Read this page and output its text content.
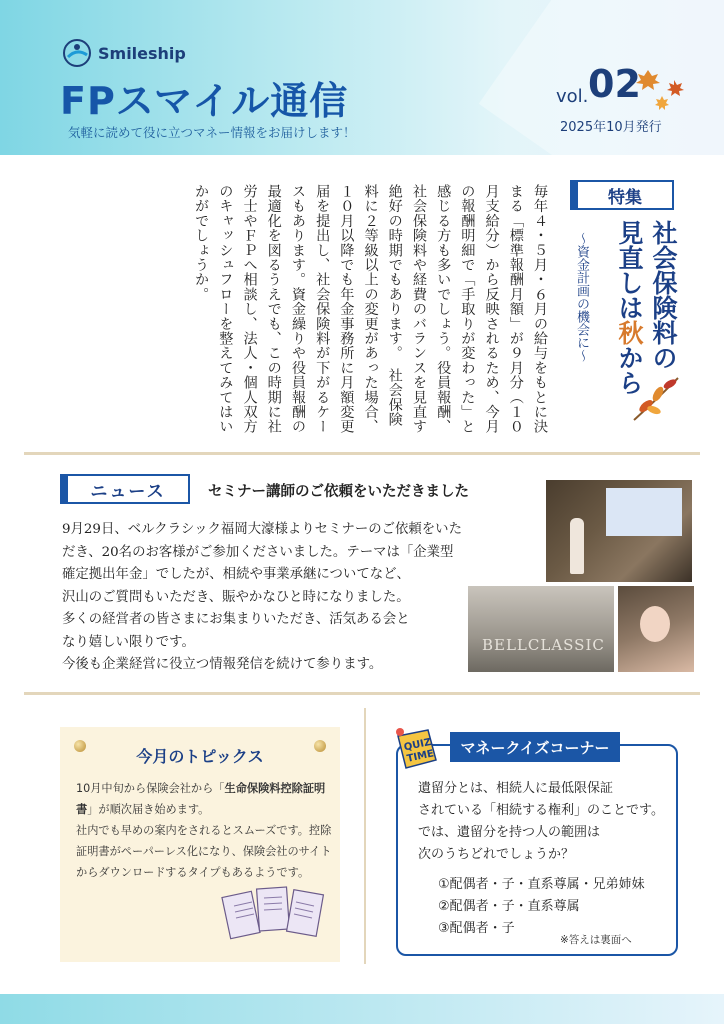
Smileship
FPスマイル通信
気軽に読めて役に立つマネー情報をお届けします！
vol. 02
2025年10月発行
特集
社会保険料の
見直しは秋から
～資金計画の機会に～
毎年４・５月・６月の給与をもとに決まる「標準報酬月額」が９月分（１０月支給分）から反映されるため、今月の報酬明細で「手取りが変わった」と感じる方も多いでしょう。役員報酬、社会保険料や経費のバランスを見直す絶好の時期でもあります。　社会保険料に２等級以上の変更があった場合、１０月以降でも年金事務所に月額変更届を提出し、社会保険料が下がるケースもあります。資金繰りや役員報酬の最適化を図るうえでも、この時期に社労士やＦＰへ相談し、法人・個人双方のキャッシュフローを整えてみてはいかがでしょうか。
ニュース	セミナー講師のご依頼をいただきました

9月29日、ベルクラシック福岡大濠様よりセミナーのご依頼をいた

だき、20名のお客様がご参加くださいました。テーマは「企業型

確定拠出年金」でしたが、相続や事業承継についてなど、

沢山のご質問もいただき、賑やかなひと時になりました。

多くの経営者の皆さまにお集まりいただき、活気ある会と

なり嬉しい限りです。

今後も企業経営に役立つ情報発信を続けて参ります。

BELLCLASSIC
今月のトピックス

10月中旬から保険会社から「生命保険料控除証明書」が順次届き始めます。

社内でも早めの案内をされるとスムーズです。控除証明書がペーパーレス化になり、保険会社のサイトからダウンロードするタイプもあるようです。

マネークイズコーナー
QUIZ
TIME

遺留分とは、相続人に最低限保証

されている「相続する権利」のことです。

では、遺留分を持つ人の範囲は

次のうちどれでしょうか？

①配偶者・子・直系尊属・兄弟姉妹
②配偶者・子・直系尊属
③配偶者・子
※答えは裏面へ
